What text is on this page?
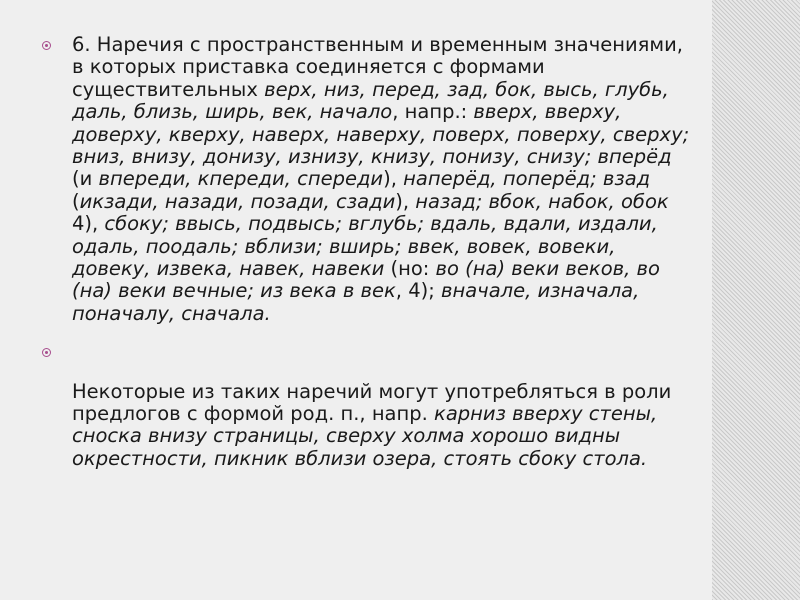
6. Наречия с пространственным и временным значениями, в которых приставка соединяется с формами существительных верх, низ, перед, зад, бок, высь, глубь, даль, близь, ширь, век, начало, напр.: вверх, вверху, доверху, кверху, наверх, наверху, поверх, поверху, сверху; вниз, внизу, донизу, изнизу, книзу, понизу, снизу; вперёд (и впереди, кпереди, спереди), наперёд, поперёд; взад (икзади, назади, позади, сзади), назад; вбок, набок, обок 4), сбоку; ввысь, подвысь; вглубь; вдаль, вдали, издали, одаль, поодаль; вблизи; вширь; ввек, вовек, вовеки, довеку, извека, навек, навеки (но: во (на) веки веков, во (на) веки вечные; из века в век, 4); вначале, изначала, поначалу, сначала.
Некоторые из таких наречий могут употребляться в роли предлогов с формой род. п., напр. карниз вверху стены, сноска внизу страницы, сверху холма хорошо видны окрестности, пикник вблизи озера, стоять сбоку стола.
